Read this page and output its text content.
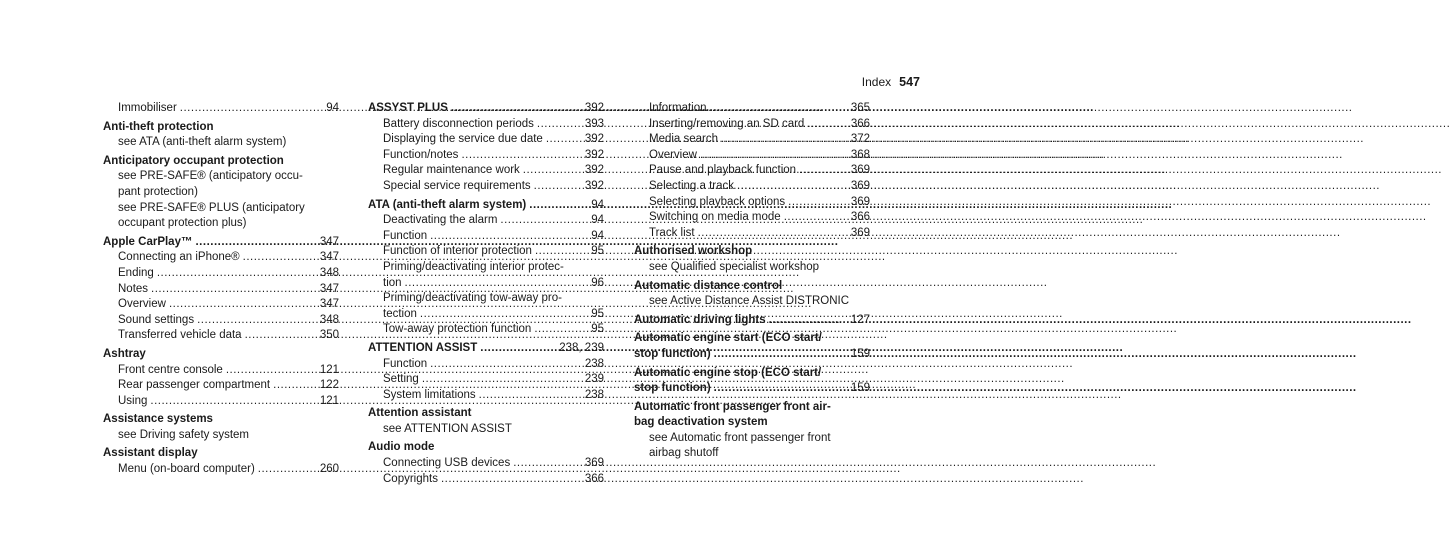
Index 547
Immobiliser .....	94
Anti-theft protection
see ATA (anti-theft alarm system)
Anticipatory occupant protection
see PRE-SAFE® (anticipatory occu-
pant protection)
see PRE-SAFE® PLUS (anticipatory
occupant protection plus)
Apple CarPlay™ .....	347
Connecting an iPhone® .....	347
Ending .....	348
Notes .....	347
Overview .....	347
Sound settings .....	348
Transferred vehicle data .....	350
Ashtray
Front centre console .....	121
Rear passenger compartment .....	122
Using .....	121
Assistance systems
see Driving safety system
Assistant display
Menu (on-board computer) .....	260
ASSYST PLUS .....	392
Battery disconnection periods .....	393
Displaying the service due date .....	392
Function/notes .....	392
Regular maintenance work .....	392
Special service requirements .....	392
ATA (anti-theft alarm system) .....	94
Deactivating the alarm .....	94
Function .....	94
Function of interior protection .....	95
Priming/deactivating interior protec-
tion .....	96
Priming/deactivating tow-away pro-
tection .....	95
Tow-away protection function .....	95
ATTENTION ASSIST .....	238, 239
Function .....	238
Setting .....	239
System limitations .....	238
Attention assistant
see ATTENTION ASSIST
Audio mode
Connecting USB devices .....	369
Copyrights .....	366
Information .....	365
Inserting/removing an SD card .....	366
Media search .....	372
Overview .....	368
Pause and playback function .....	369
Selecting a track .....	369
Selecting playback options .....	369
Switching on media mode .....	366
Track list .....	369
Authorised workshop
see Qualified specialist workshop
Automatic distance control
see Active Distance Assist DISTRONIC
Automatic driving lights .....	127
Automatic engine start (ECO start/
stop function) .....	159
Automatic engine stop (ECO start/
stop function) .....	159
Automatic front passenger front air-
bag deactivation system
see Automatic front passenger front
airbag shutoff
